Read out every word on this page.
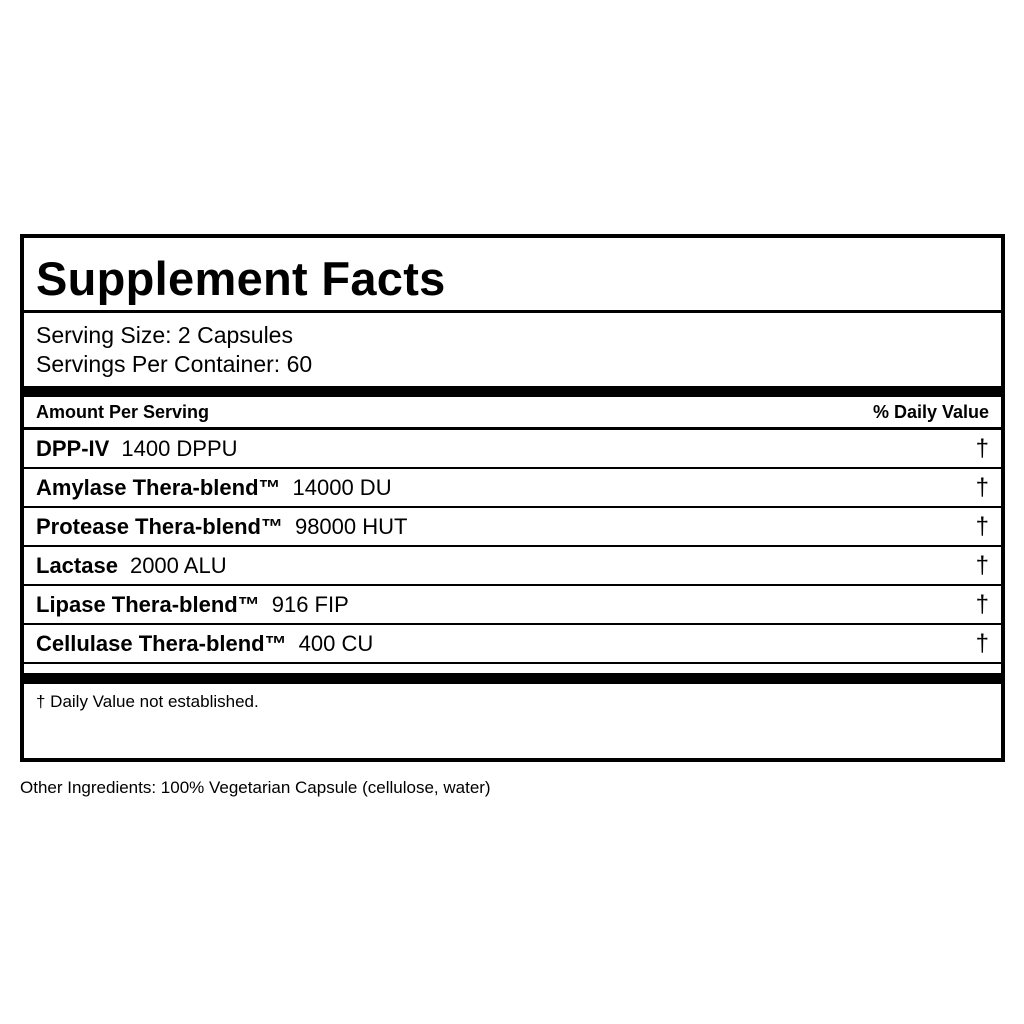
Supplement Facts
Serving Size: 2 Capsules
Servings Per Container: 60
Amount Per Serving	% Daily Value
DPP-IV 1400 DPPU	†
Amylase Thera-blend™ 14000 DU	†
Protease Thera-blend™ 98000 HUT	†
Lactase 2000 ALU	†
Lipase Thera-blend™ 916 FIP	†
Cellulase Thera-blend™ 400 CU	†
† Daily Value not established.
Other Ingredients: 100% Vegetarian Capsule (cellulose, water)
